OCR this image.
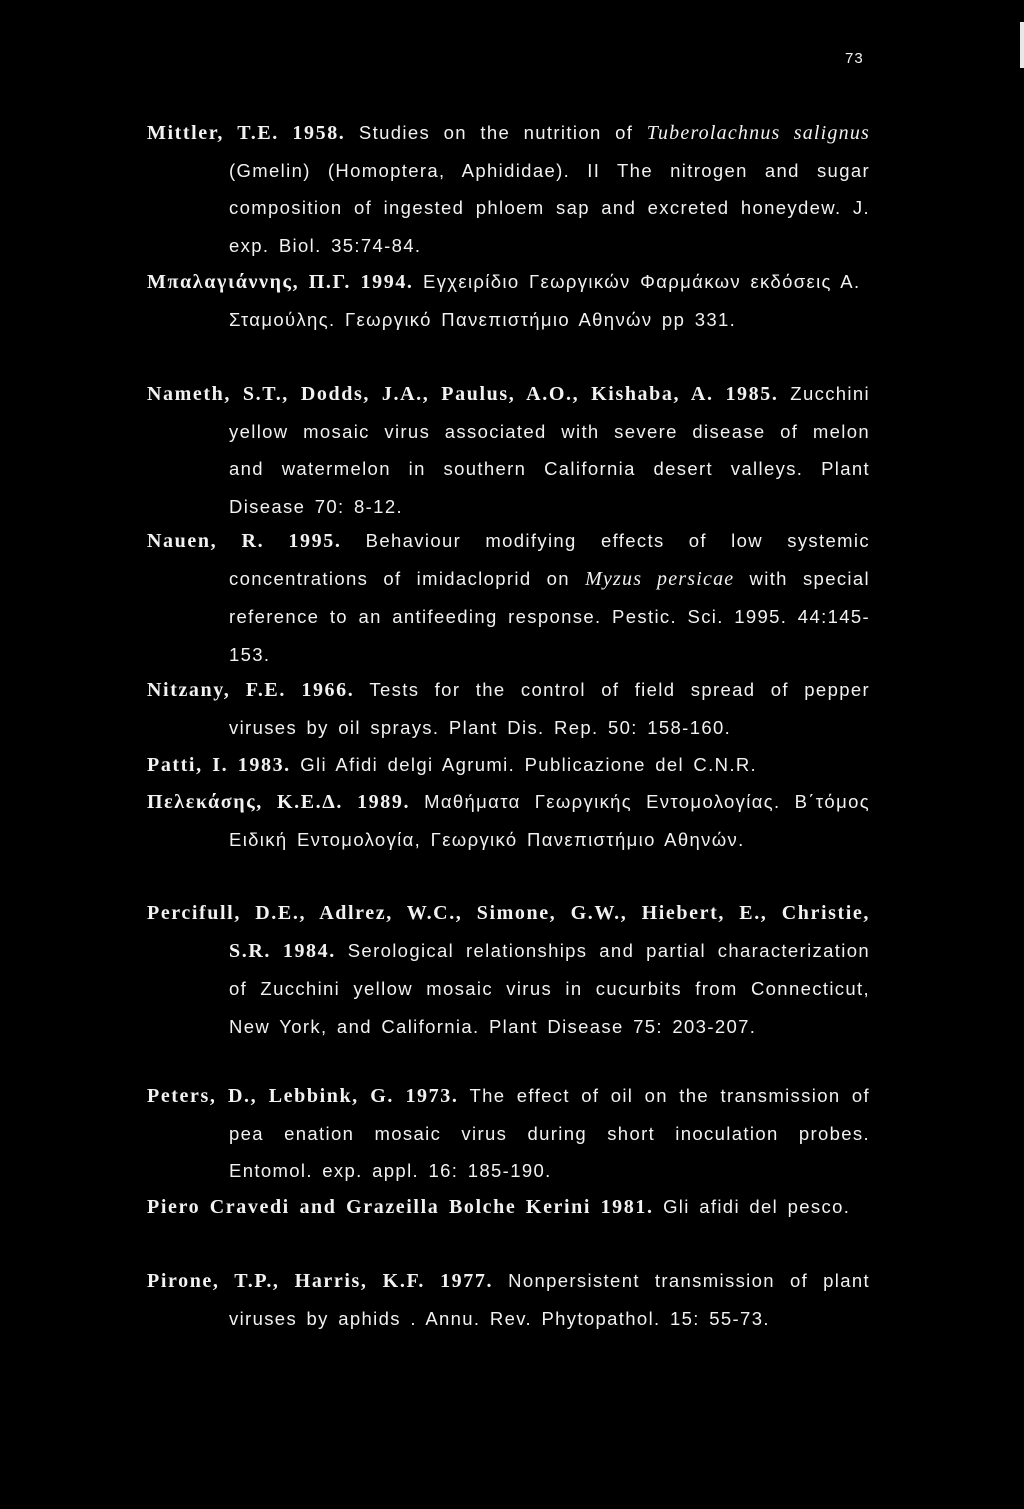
73

Mittler, T.E. 1958. Studies on the nutrition of Tuberolachnus salignus (Gmelin) (Homoptera, Aphididae). II The nitrogen and sugar composition of ingested phloem sap and excreted honeydew. J. exp. Biol. 35:74-84.

Μπαλαγιάννης, Π.Γ. 1994. Εγχειρίδιο Γεωργικών Φαρμάκων εκδόσεις Α. Σταμούλης. Γεωργικό Πανεπιστήμιο Αθηνών pp 331.

Nameth, S.T., Dodds, J.A., Paulus, A.O., Kishaba, A. 1985. Zucchini yellow mosaic virus associated with severe disease of melon and watermelon in southern California desert valleys. Plant Disease 70: 8-12.

Nauen, R. 1995. Behaviour modifying effects of low systemic concentrations of imidacloprid on Myzus persicae with special reference to an antifeeding response. Pestic. Sci. 1995. 44:145-153.

Nitzany, F.E. 1966. Tests for the control of field spread of pepper viruses by oil sprays. Plant Dis. Rep. 50: 158-160.

Patti, I. 1983. Gli Afidi delgi Agrumi. Publicazione del C.N.R.

Πελεκάσης, Κ.Ε.Δ. 1989. Μαθήματα Γεωργικής Εντομολογίας. Β΄τόμος Ειδική Εντομολογία, Γεωργικό Πανεπιστήμιο Αθηνών.

Percifull, D.E., Adlrez, W.C., Simone, G.W., Hiebert, E., Christie, S.R. 1984. Serological relationships and partial characterization of Zucchini yellow mosaic virus in cucurbits from Connecticut, New York, and California. Plant Disease 75: 203-207.

Peters, D., Lebbink, G. 1973. The effect of oil on the transmission of pea enation mosaic virus during short inoculation probes. Entomol. exp. appl. 16: 185-190.

Piero Cravedi and Grazeilla Bolche Kerini 1981. Gli afidi del pesco.

Pirone, T.P., Harris, K.F. 1977. Nonpersistent transmission of plant viruses by aphids . Annu. Rev. Phytopathol. 15: 55-73.
